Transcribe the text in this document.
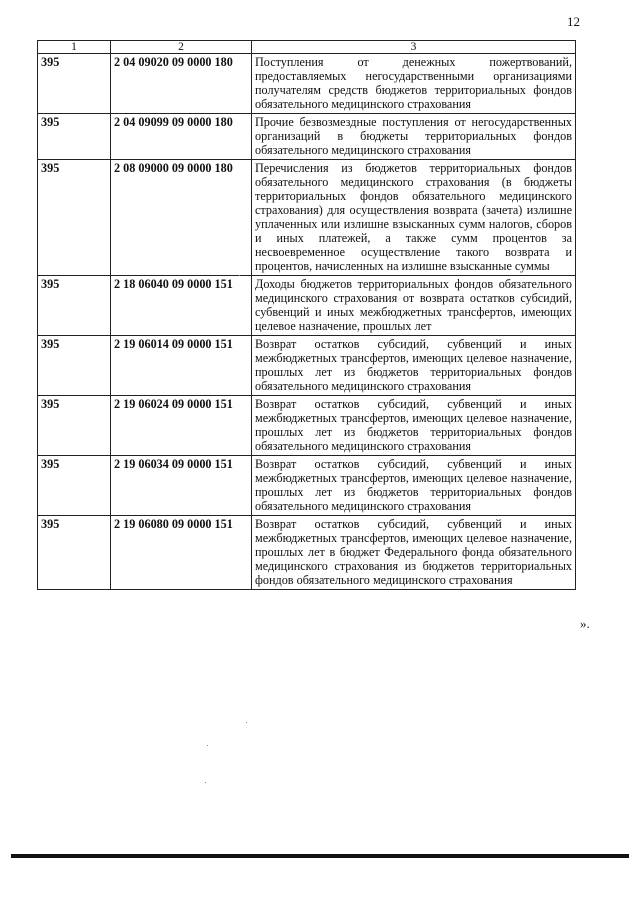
12
1	2	3
395	2 04 09020 09 0000 180	Поступления от денежных пожертвований, предоставляемых негосударственными организациями получателям средств бюджетов территориальных фондов обязательного медицинского страхования
395	2 04 09099 09 0000 180	Прочие безвозмездные поступления от негосударственных организаций в бюджеты территориальных фондов обязательного медицинского страхования
395	2 08 09000 09 0000 180	Перечисления из бюджетов территориальных фондов обязательного медицинского страхования (в бюджеты территориальных фондов обязательного медицинского страхования) для осуществления возврата (зачета) излишне уплаченных или излишне взысканных сумм налогов, сборов и иных платежей, а также сумм процентов за несвоевременное осуществление такого возврата и процентов, начисленных на излишне взысканные суммы
395	2 18 06040 09 0000 151	Доходы бюджетов территориальных фондов обязательного медицинского страхования от возврата остатков субсидий, субвенций и иных межбюджетных трансфертов, имеющих целевое назначение, прошлых лет
395	2 19 06014 09 0000 151	Возврат остатков субсидий, субвенций и иных межбюджетных трансфертов, имеющих целевое назначение, прошлых лет из бюджетов территориальных фондов обязательного медицинского страхования
395	2 19 06024 09 0000 151	Возврат остатков субсидий, субвенций и иных межбюджетных трансфертов, имеющих целевое назначение, прошлых лет из бюджетов территориальных фондов обязательного медицинского страхования
395	2 19 06034 09 0000 151	Возврат остатков субсидий, субвенций и иных межбюджетных трансфертов, имеющих целевое назначение, прошлых лет из бюджетов территориальных фондов обязательного медицинского страхования
395	2 19 06080 09 0000 151	Возврат остатков субсидий, субвенций и иных межбюджетных трансфертов, имеющих целевое назначение, прошлых лет в бюджет Федерального фонда обязательного медицинского страхования из бюджетов территориальных фондов обязательного медицинского страхования
».
